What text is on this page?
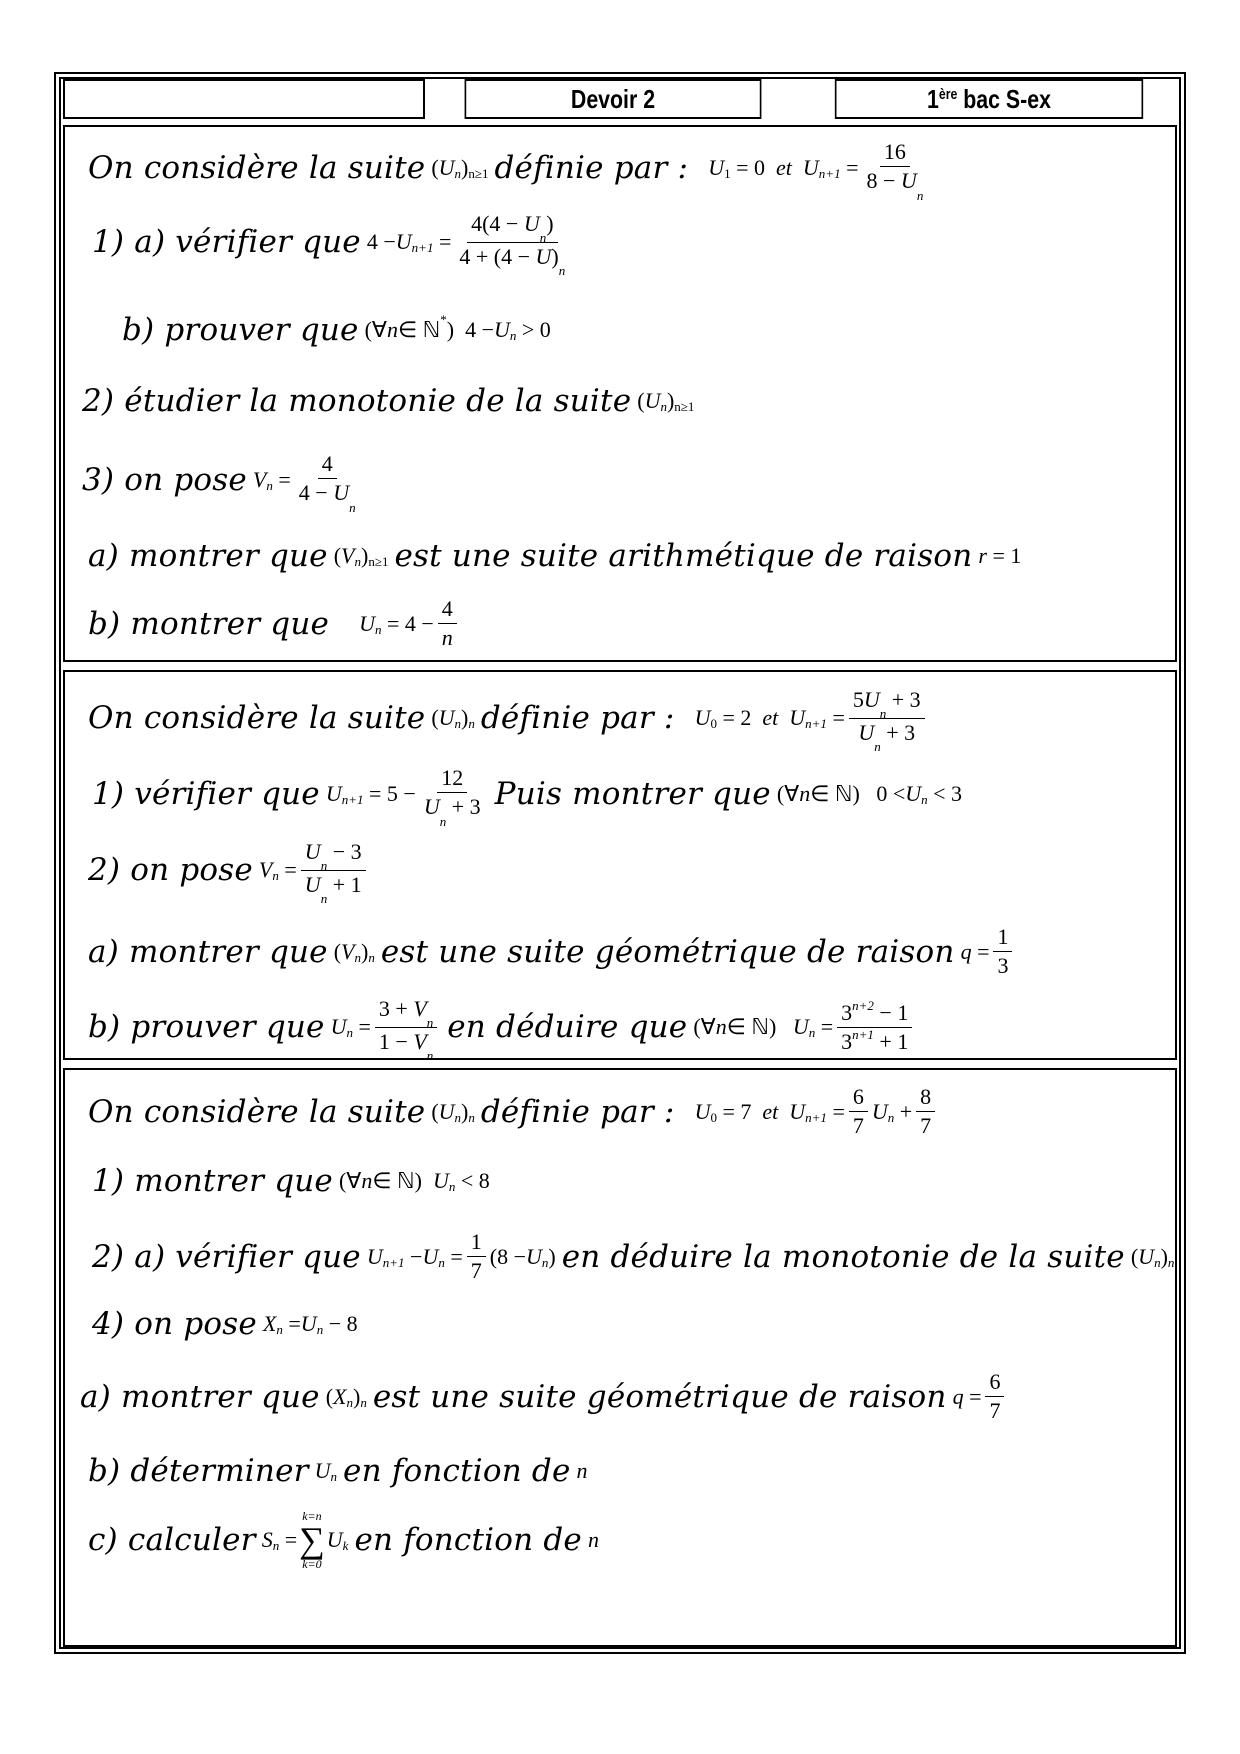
Devoir 2	1ère bac S-ex
On considère la suite ( U n ) n≥1 définie par : U 1 = 0 et
U $n+1 = \frac{16}{8 - U_n}$
1) a) vérifier que 4 − U $n+1 = \frac{4(4 - U_n)}{4 + (4 - U)_n}$
b) prouver que (∀ n ∈ ℕ * )  4 − U n > 0
2) étudier la monotonie de la suite ( U n ) n≥1
3) on pose V $n = \frac{4}{4 - U_n}$
a) montrer que ( V n ) n≥1 est une suite arithmétique de raison r = 1
b) montrer que U $n = 4 - \frac{4}{n}$
On considère la suite ( U n ) n définie par : U 0 = 2 et
U $n+1 = \frac{5U_n + 3}{U_n + 3}$
1) vérifier que U $n+1 = 5 - \frac{12}{U_n + 3}$ Puis montrer que (∀ n ∈ ℕ)   0 < U n < 3
2) on pose V $n = \frac{U_n - 3}{U_n + 1}$
a) montrer que ( V n ) n est une suite géométrique de raison $q = \frac{1}{3}$
b) prouver que U $n = \frac{3 + V_n}{1 - V_n}$ en déduire que (∀ n ∈ ℕ) U $n = \frac{3^{n+2} - 1}{3^{n+1} + 1}$
On considère la suite ( U n ) n définie par : U 0 = 7 et
U $n+1 = \frac{6}{7}$ U $n + \frac{8}{7}$
1) montrer que (∀ n ∈ ℕ) U n < 8
2) a) vérifier que U n+1 − U $n = \frac{1}{7} (8 - U$ n ) en déduire la monotonie de la suite ( U n ) n
4) on pose X n = U n − 8
a) montrer que ( X n ) n est une suite géométrique de raison $q = \frac{6}{7}$
b) déterminer U n en fonction de n
c) calculer S n =
k=n
∑
k=0
U k en fonction de n
